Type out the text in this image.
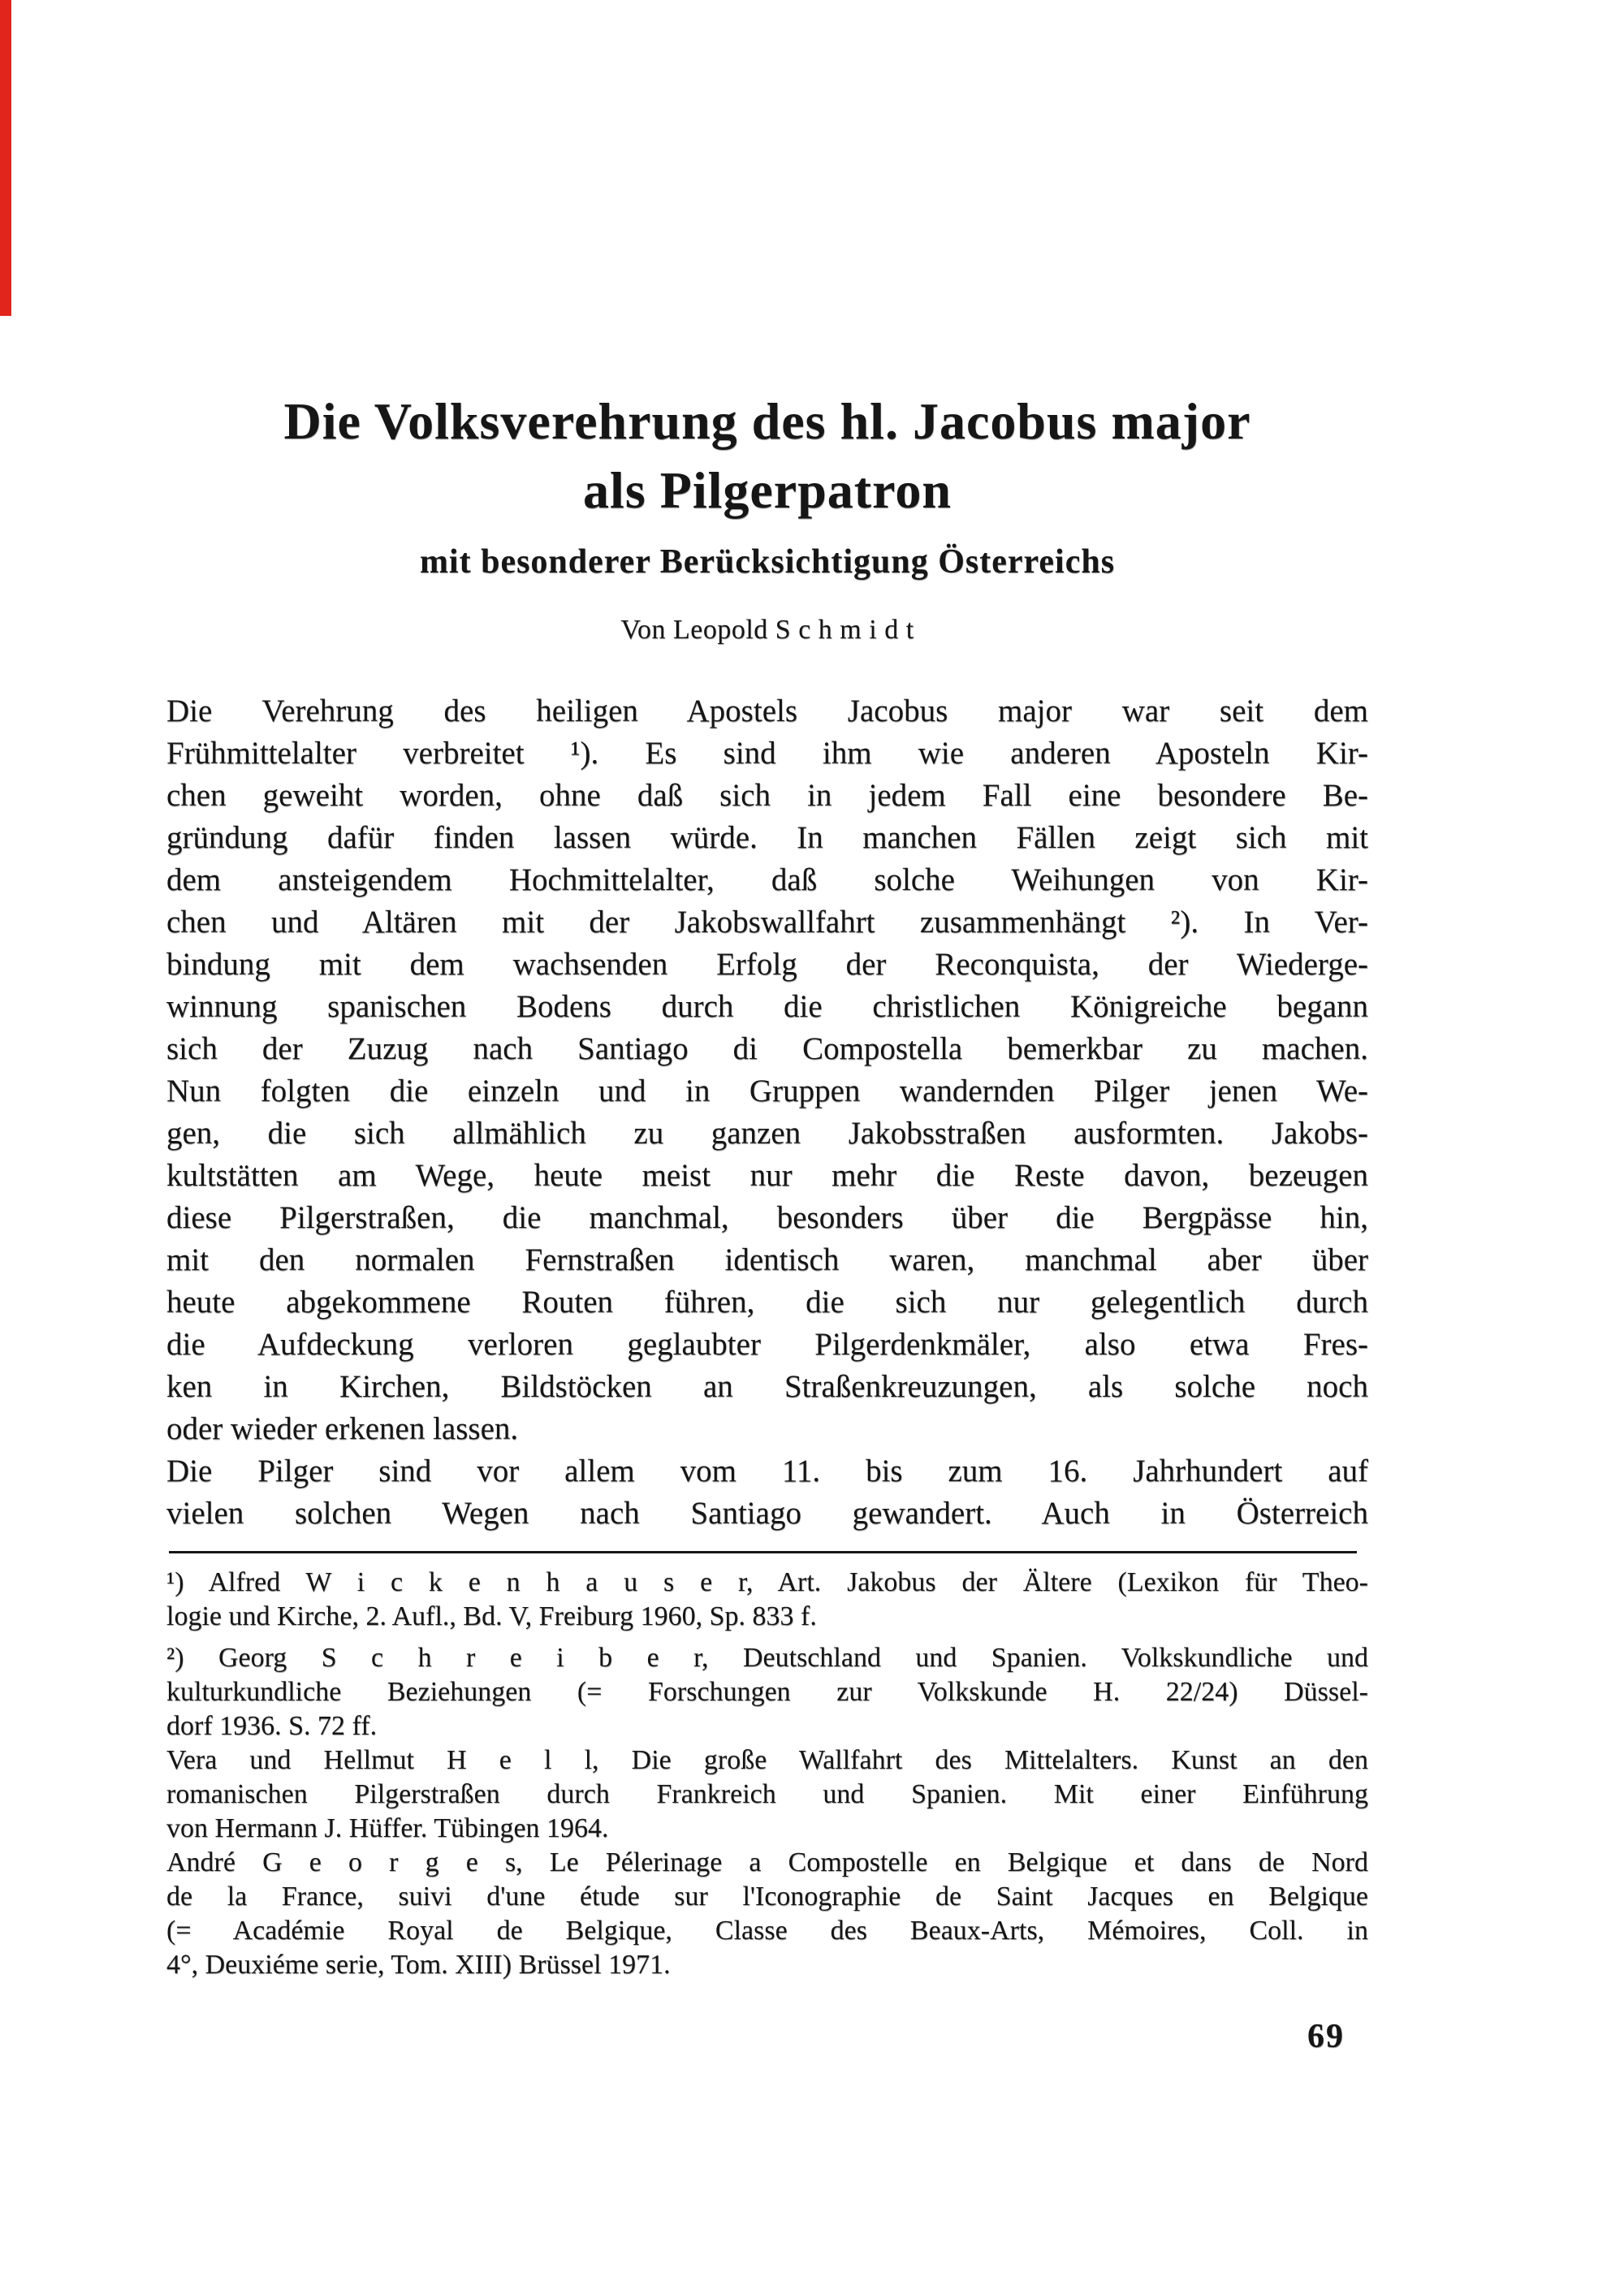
Die Volksverehrung des hl. Jacobus major
als Pilgerpatron
mit besonderer Berücksichtigung Österreichs
Von Leopold S c h m i d t
Die Verehrung des heiligen Apostels Jacobus major war seit dem
Frühmittelalter verbreitet ¹). Es sind ihm wie anderen Aposteln Kir-
chen geweiht worden, ohne daß sich in jedem Fall eine besondere Be-
gründung dafür finden lassen würde. In manchen Fällen zeigt sich mit
dem ansteigendem Hochmittelalter, daß solche Weihungen von Kir-
chen und Altären mit der Jakobswallfahrt zusammenhängt ²). In Ver-
bindung mit dem wachsenden Erfolg der Reconquista, der Wiederge-
winnung spanischen Bodens durch die christlichen Königreiche begann
sich der Zuzug nach Santiago di Compostella bemerkbar zu machen.
Nun folgten die einzeln und in Gruppen wandernden Pilger jenen We-
gen, die sich allmählich zu ganzen Jakobsstraßen ausformten. Jakobs-
kultstätten am Wege, heute meist nur mehr die Reste davon, bezeugen
diese Pilgerstraßen, die manchmal, besonders über die Bergpässe hin,
mit den normalen Fernstraßen identisch waren, manchmal aber über
heute abgekommene Routen führen, die sich nur gelegentlich durch
die Aufdeckung verloren geglaubter Pilgerdenkmäler, also etwa Fres-
ken in Kirchen, Bildstöcken an Straßenkreuzungen, als solche noch
oder wieder erkenen lassen.
Die Pilger sind vor allem vom 11. bis zum 16. Jahrhundert auf
vielen solchen Wegen nach Santiago gewandert. Auch in Österreich
¹) Alfred W i c k e n h a u s e r, Art. Jakobus der Ältere (Lexikon für Theo-
logie und Kirche, 2. Aufl., Bd. V, Freiburg 1960, Sp. 833 f.
²) Georg S c h r e i b e r, Deutschland und Spanien. Volkskundliche und
kulturkundliche Beziehungen (= Forschungen zur Volkskunde H. 22/24) Düssel-
dorf 1936. S. 72 ff.
Vera und Hellmut H e l l, Die große Wallfahrt des Mittelalters. Kunst an den
romanischen Pilgerstraßen durch Frankreich und Spanien. Mit einer Einführung
von Hermann J. Hüffer. Tübingen 1964.
André G e o r g e s, Le Pélerinage a Compostelle en Belgique et dans de Nord
de la France, suivi d'une étude sur l'Iconographie de Saint Jacques en Belgique
(= Académie Royal de Belgique, Classe des Beaux-Arts, Mémoires, Coll. in
4°, Deuxiéme serie, Tom. XIII) Brüssel 1971.
69
